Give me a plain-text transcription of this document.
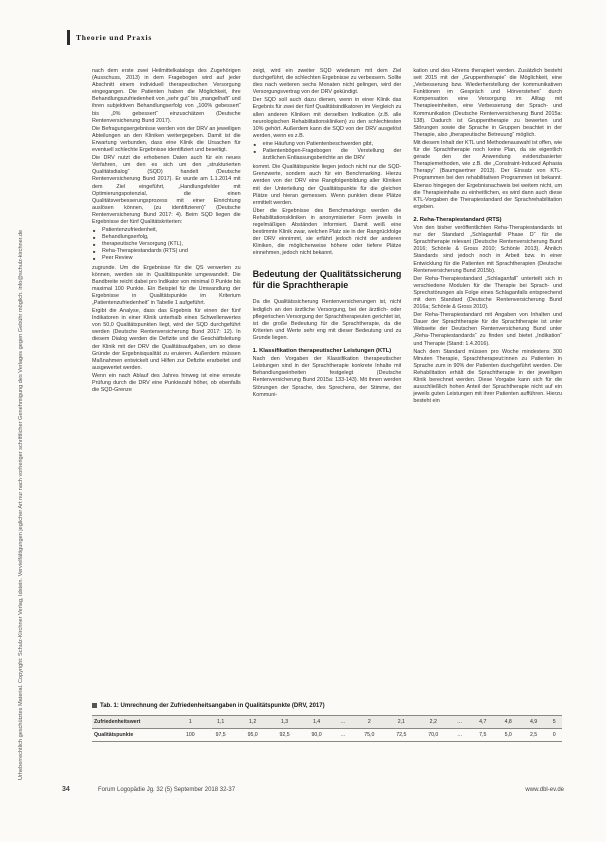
Urheberrechtlich geschütztes Material. Copyright: Schulz-Kirchner Verlag, Idstein. Vervielfältigungen jeglicher Art nur nach vorheriger schriftlicher Genehmigung des Verlages gegen Gebühr möglich. info@schulz-kirchner.de
Theorie und Praxis

nach dem erste zwei Heilmittelkatalogs des Zugehörigen (Ausschuss, 2013) in dem Fragebogen wird auf jeder Abschnitt einem individuell therapeutischen Versorgung eingegangen. Die Patienten haben die Möglichkeit, ihre Behandlungszufriedenheit von „sehr gut“ bis „mangelhaft“ und ihren subjektiven Behandlungserfolg von „100% gebessert“ bis „0% gebessert“ einzuschätzen (Deutsche Rentenversicherung Bund 2017).

Die Befragungsergebnisse werden von der DRV an jeweiligen Abteilungen an den Kliniken weitergegeben. Damit ist die Erwartung verbunden, dass eine Klinik die Ursachen für eventuell schlechte Ergebnisse identifiziert und beseitigt.

Die DRV nutzt die erhobenen Daten auch für ein neues Verfahren, um den es sich um den „strukturierten Qualitätsdialog“ (SQD) handelt (Deutsche Rentenversicherung Bund 2017). Er wurde am 1.1.2014 mit dem Ziel eingeführt, „Handlungsfelder mit Optimierungspotenzial, die einen Qualitätsverbesserungsprozess mit einer Einrichtung auslösen können, (zu identifizieren)“ (Deutsche Rentenversicherung Bund 2017: 4). Beim SQD liegen die Ergebnisse der fünf Qualitätskriterien:

■ Patientenzufriedenheit,
■ Behandlungserfolg,
■ therapeutische Versorgung (KTL),
■ Reha-Therapiestandards (RTS) und
■ Peer Review

zugrunde. Um die Ergebnisse für die QS verwerten zu können, werden sie in Qualitätspunkte umgewandelt. Die Bandbreite reicht dabei pro Indikator von minimal 0 Punkte bis maximal 100 Punkte. Ein Beispiel für die Umwandlung der Ergebnisse in Qualitätspunkte im Kriterium „Patientenzufriedenheit“ in Tabelle 1 aufgeführt.

Ergibt die Analyse, dass das Ergebnis für einen der fünf Indikatoren in einer Klinik unterhalb eines Schwellenwertes von 50,0 Qualitätspunkten liegt, wird der SQD durchgeführt werden (Deutsche Rentenversicherung Bund 2017: 12). In diesem Dialog werden die Defizite und die Geschäftsleitung der Klinik mit der DRV die Qualitätsaufgaben, um so diese Gründe der Ergebnisqualität zu eruieren. Außerdem müssen Maßnahmen entwickelt und Hilfen zur Defizite erarbeitet und ausgewertet werden.

Wenn ein nach Ablauf des Jahres hinweg ist eine erneute Prüfung durch die DRV eine Punktezahl höher, ob ebenfalls die SQD-Grenze

zeigt, wird ein zweiter SQD wiederum mit dem Ziel durchgeführt, die schlechten Ergebnisse zu verbessern. Sollte dies nach weiteren sechs Monaten nicht gelingen, wird der Versorgungsvertrag von der DRV gekündigt.

Der SQD soll auch dazu dienen, wenn in einer Klinik das Ergebnis für zwei der fünf Qualitätsindikatoren im Vergleich zu allen anderen Kliniken mit derselben Indikation (z.B. alle neurologischen Rehabilitationskliniken) zu den schlechtesten 10% gehört. Außerdem kann die SQD von der DRV ausgelöst werden, wenn es z.B.

■ eine Häufung von Patientenbeschwerden gibt,
■ Patientenbögen-Fragebogen die Verstellung der ärztlichen Entlassungsberichte an die DRV

kommt. Die Qualitätspunkte liegen jedoch nicht nur die SQD-Grenzwerte, sondern auch für ein Benchmarking. Hierzu werden von der DRV eine Rangfolgenbildung aller Kliniken mit der Unterteilung der Qualitätspunkte für die gleichen Plätze und hieran gemessen. Wenn punkten diese Plätze ermittelt werden.

Über die Ergebnisse des Benchmarkings werden die Rehabilitationskliniken in anonymisierter Form jeweils in regelmäßigen Abständen informiert. Damit weiß eine bestimmte Klinik zwar, welchen Platz sie in der Rangrückfolge der DRV einnimmt, sie erfährt jedoch nicht der anderen Kliniken, die möglicherweise höhere oder tiefere Plätze einnehmen, jedoch nicht bekannt.

Bedeutung der Qualitätssicherung für die Sprachtherapie

Da die Qualitätssicherung Rentenversicherungen ist, nicht lediglich an den ärztliche Versorgung, bei der ärztlich- oder pflegerischen Versorgung der Sprachtherapeuten gerichtet ist, ist die große Bedeutung für die Sprachtherapie, da die Kriterien und Werte sehr eng mit dieser Bedeutung und zu Grunde liegen.

1. Klassifikation therapeutischer Leistungen (KTL)

Nach den Vorgaben der Klassifikation therapeutischer Leistungen sind in der Sprachtherapie konkrete Inhalte mit Behandlungseinheiten festgelegt (Deutsche Rentenversicherung Bund 2015a: 133-143). Mit ihnen werden Störungen der Sprache, des Sprechens, der Stimme, der Kommuni-

kation und des Hörens therapiert werden. Zusätzlich besteht seit 2015 mit der „Gruppentherapie“ die Möglichkeit, eine „Verbesserung bzw. Wiederherstellung der kommunikativen Funktionen im Gespräch und Hörverstehen“ durch Kompensation eine Versorgung im Alltag mit Therapieeinheiten, eine Verbesserung der Sprach- und Kommunikation (Deutsche Rentenversicherung Bund 2015a: 138). Dadurch ist Gruppentherapie zu bewerten und Störungen sowie die Sprache in Gruppen beachtet in der Therapie, also „therapeutische Betreuung“ möglich.

Mit diesem Inhalt der KTL und Methodenauswahl ist offen, wie für die Sprachtherapie noch keine Plan, da sie eigentlich gerade den der Anwendung evidenzbasierter Therapiemethoden, wie z.B. die „Constraint-Induced Aphasia Therapy“ (Baumgaertner 2013). Der Einsatz von KTL-Programmen bei den rehabilitativen Programmen ist bekannt. Ebenso hingegen der Ergebnisnachweis bei weitem nicht, um die Therapieinhalte zu einheitlichen, es wird dann auch diese KTL-Vorgaben die Therapiestandard der Sprachrehabilitation ergeben.

2. Reha-Therapiestandard (RTS)

Von den bisher veröffentlichten Reha-Therapiestandards ist nur der Standard „Schlaganfall Phase D“ für die Sprachtherapie relevant (Deutsche Rentenversicherung Bund 2016; Schönle & Gross 2010; Schönle 2013). Ähnlich Standards sind jedoch noch in Arbeit bzw. in einer Entwicklung für die Patienten mit Sprachtherapien (Deutsche Rentenversicherung Bund 2015b).

Der Reha-Therapiestandard „Schlaganfall“ unterteilt sich in verschiedene Modulen für die Therapie bei Sprach- und Sprechstörungen als Folge eines Schlaganfalls entsprechend mit dem Standard (Deutsche Rentenversicherung Bund 2016a; Schönle & Gross 2010).

Der Reha-Therapiestandard mit Angaben von Inhalten und Dauer der Sprachtherapie für die Sprachtherapie ist unter Webseite der Deutschen Rentenversicherung Bund unter „Reha-Therapiestandards“ zu finden und bietet „Indikation“ und Therapie (Stand: 1.4.2016).

Nach dem Standard müssen pro Woche mindestens 300 Minuten Therapie, Sprachtherapeut:innen zu Patienten in Sprache zum in 90% der Patienten durchgeführt werden. Die Rehabilitation erhält die Sprachtherapie in der jeweiligen Klinik berechnet werden. Diese Vorgabe kann sich für die ausschließlich hohen Anteil der Sprachtherapie nicht auf ein jeweils guten Leistungen mit ihrer Patienten aufführen. Hierzu besteht ein

Tab. 1: Umrechnung der Zufriedenheitsangaben in Qualitätspunkte (DRV, 2017)
Zufriedenheitswert	1	1,1	1,2	1,3	1,4	…	2	2,1	2,2	…	4,7	4,8	4,9	5
Qualitätspunkte	100	97,5	95,0	92,5	90,0	…	75,0	72,5	70,0	…	7,5	5,0	2,5	0
34	Forum Logopädie Jg. 32 (5) September 2018 32-37	www.dbl-ev.de
